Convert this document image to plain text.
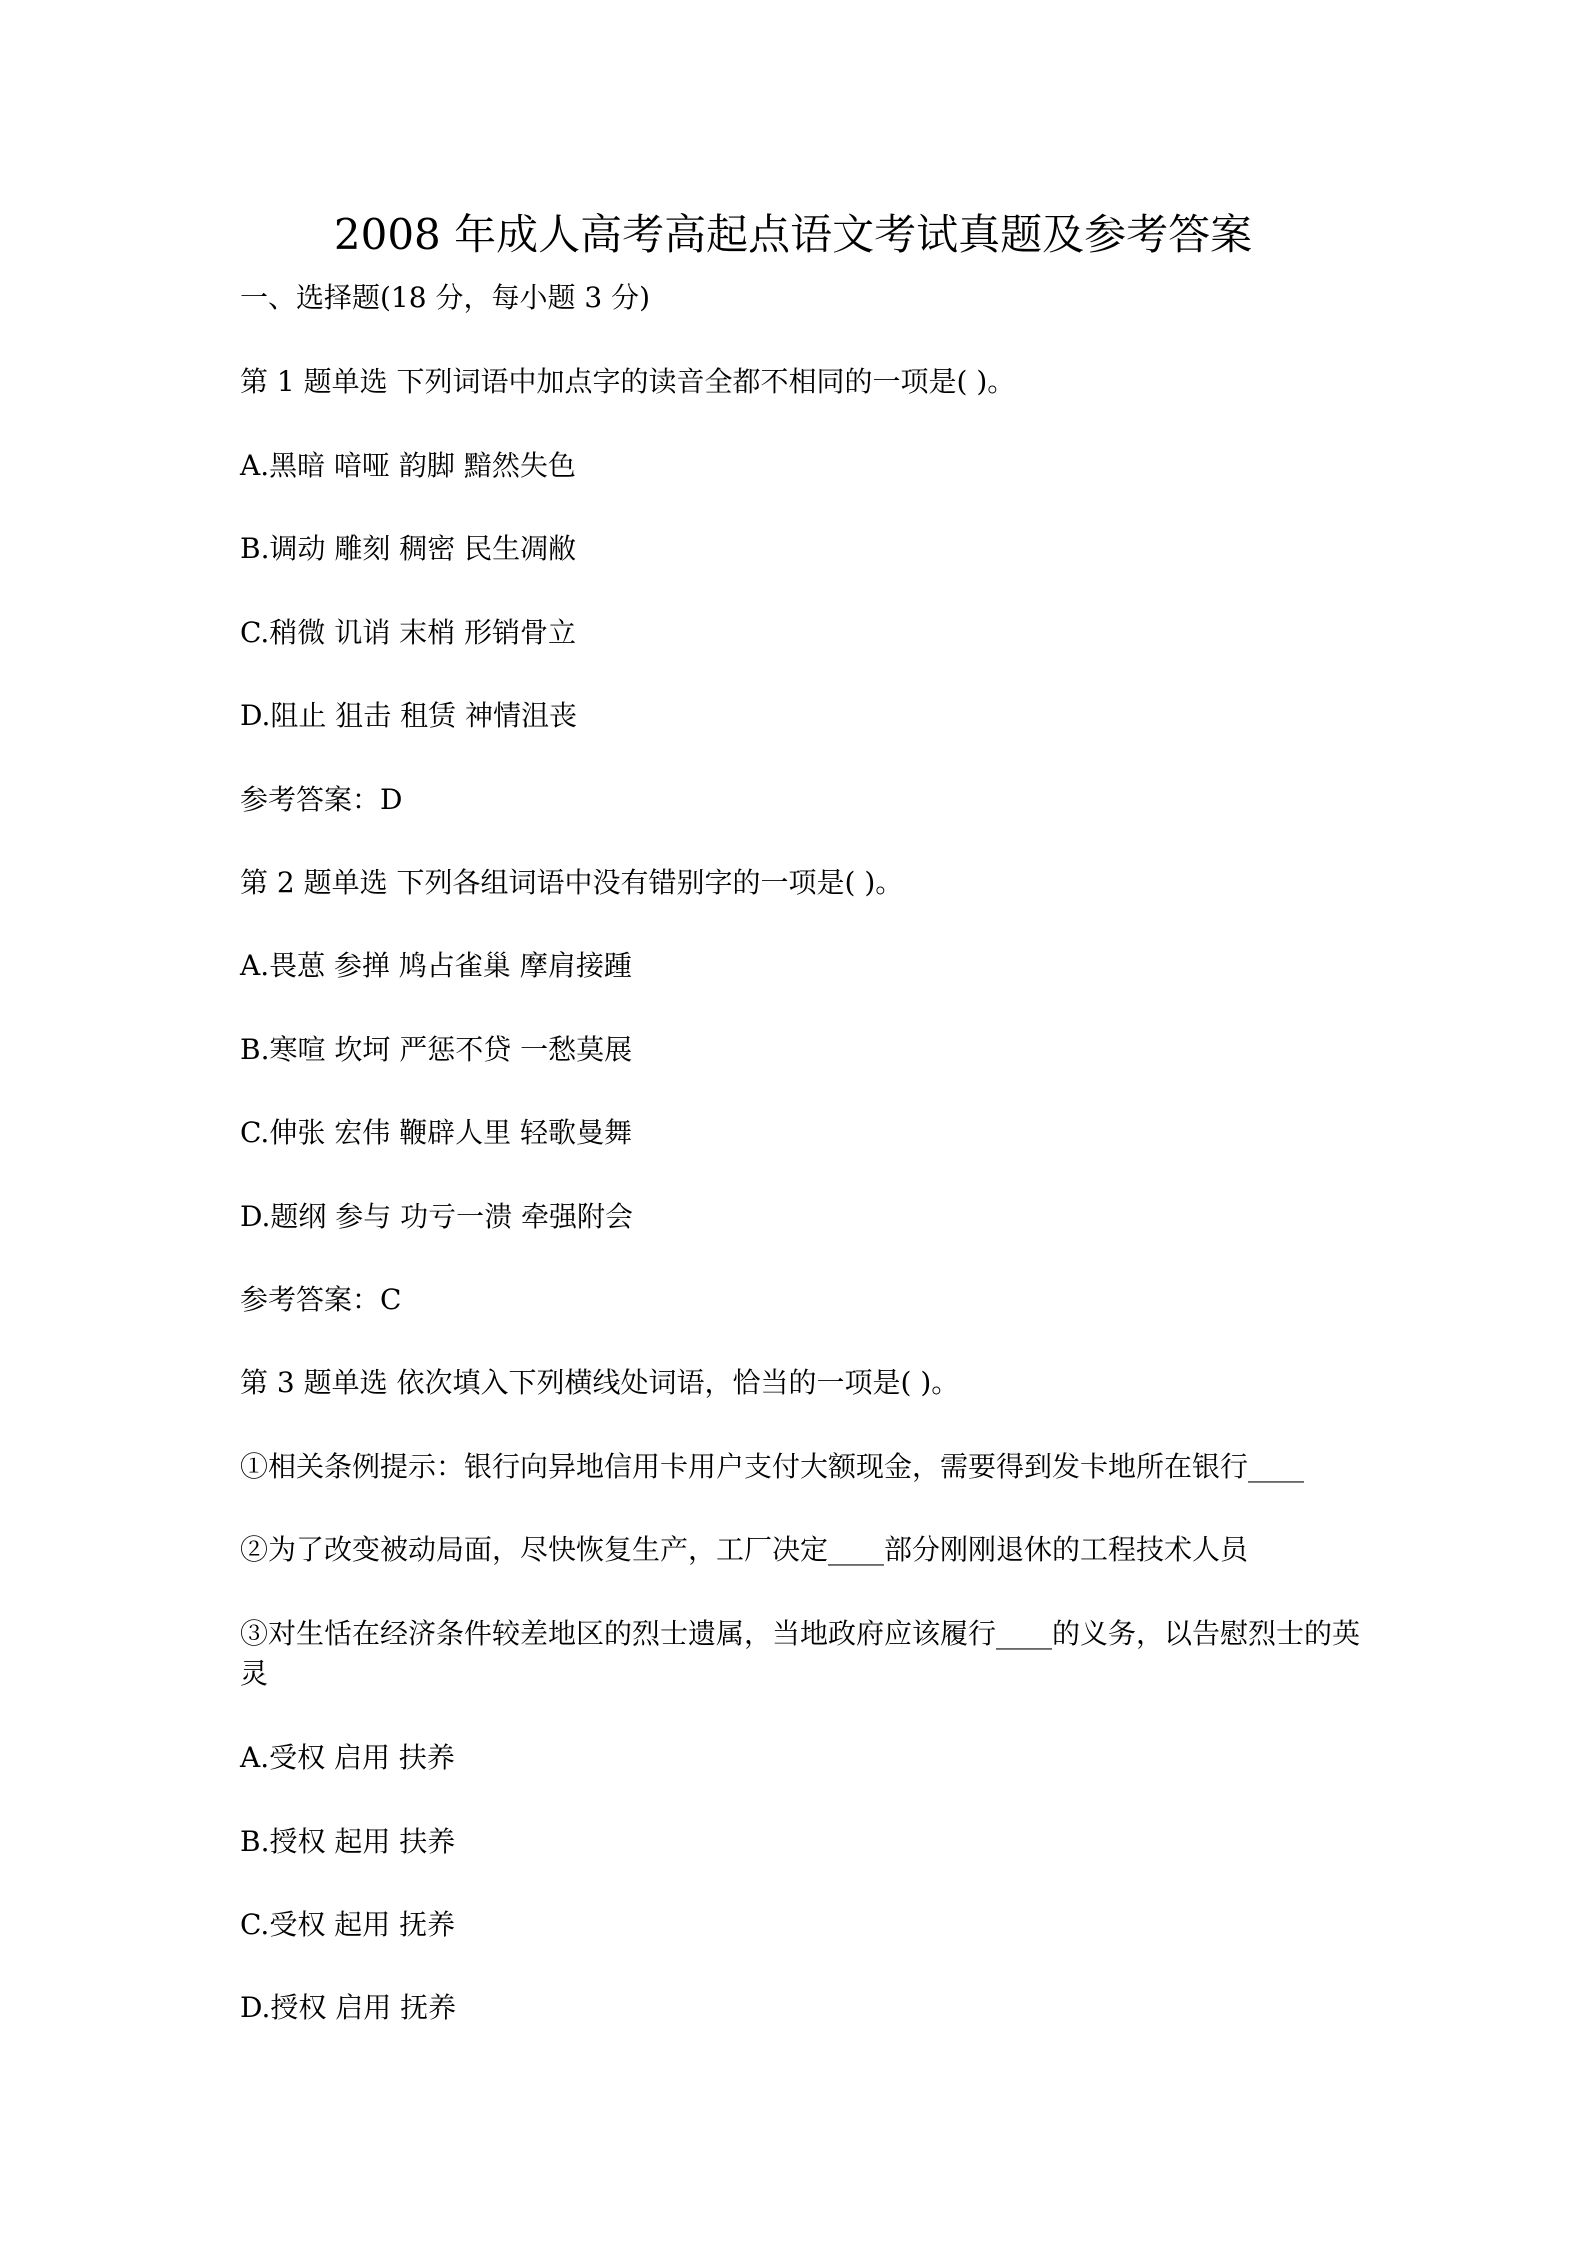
2008 年成人高考高起点语文考试真题及参考答案
一、选择题(18 分，每小题 3 分)
第 1 题单选 下列词语中加点字的读音全都不相同的一项是( )。
A.黑暗 喑哑 韵脚 黯然失色
B.调动 雕刻 稠密 民生凋敝
C.稍微 讥诮 末梢 形销骨立
D.阻止 狙击 租赁 神情沮丧
参考答案：D
第 2 题单选 下列各组词语中没有错别字的一项是( )。
A.畏葸 参掸 鸠占雀巢 摩肩接踵
B.寒喧 坎坷 严惩不贷 一愁莫展
C.伸张 宏伟 鞭辟人里 轻歌曼舞
D.题纲 参与 功亏一溃 牵强附会
参考答案：C
第 3 题单选 依次填入下列横线处词语，恰当的一项是( )。
①相关条例提示：银行向异地信用卡用户支付大额现金，需要得到发卡地所在银行____
②为了改变被动局面，尽快恢复生产，工厂决定____部分刚刚退休的工程技术人员
③对生恬在经济条件较差地区的烈士遗属，当地政府应该履行____的义务，以告慰烈士的英灵
A.受权 启用 扶养
B.授权 起用 扶养
C.受权 起用 抚养
D.授权 启用 抚养
